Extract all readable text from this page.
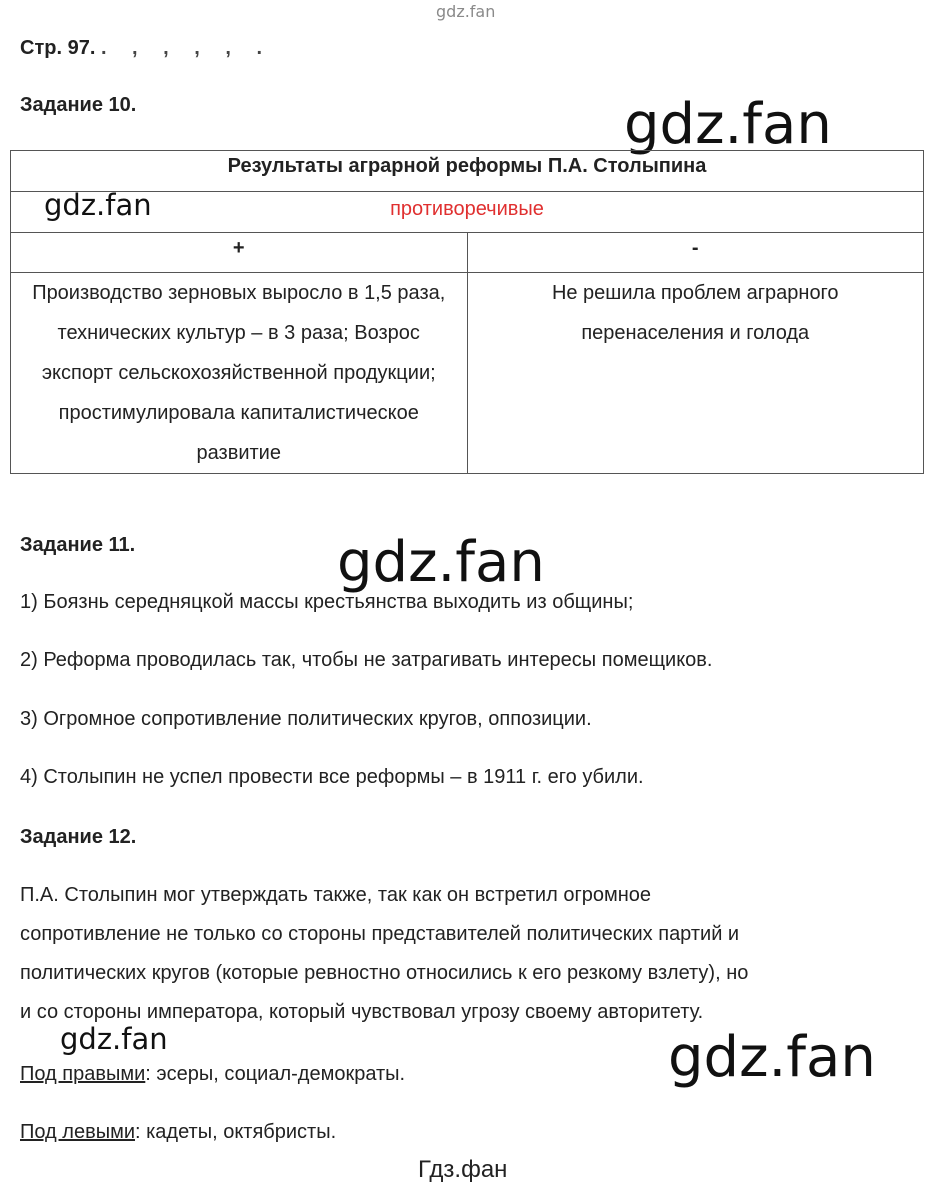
gdz.fan
gdz.fan
gdz.fan
gdz.fan
gdz.fan	gdz.fan
Стр. 97. . , , , , .
Задание 10.
Результаты аграрной реформы П.А. Столыпина	
противоречивые	
+	-

Производство зерновых выросло в 1,5 раза, технических культур – в 3 раза; Возрос экспорт сельскохозяйственной продукции; простимулировала капиталистическое развитие	Не решила проблем аграрного перенаселения и голода
Задание 11.
1) Боязнь середняцкой массы крестьянства выходить из общины;
2) Реформа проводилась так, чтобы не затрагивать интересы помещиков.
3) Огромное сопротивление политических кругов, оппозиции.
4) Столыпин не успел провести все реформы – в 1911 г. его убили.
Задание 12.
П.А. Столыпин мог утверждать также, так как он встретил огромное сопротивление не только со стороны представителей политических партий и политических кругов (которые ревностно относились к его резкому взлету), но и со стороны императора, который чувствовал угрозу своему авторитету.
Под правыми: эсеры, социал-демократы.
Под левыми: кадеты, октябристы.
Гдз.фан
